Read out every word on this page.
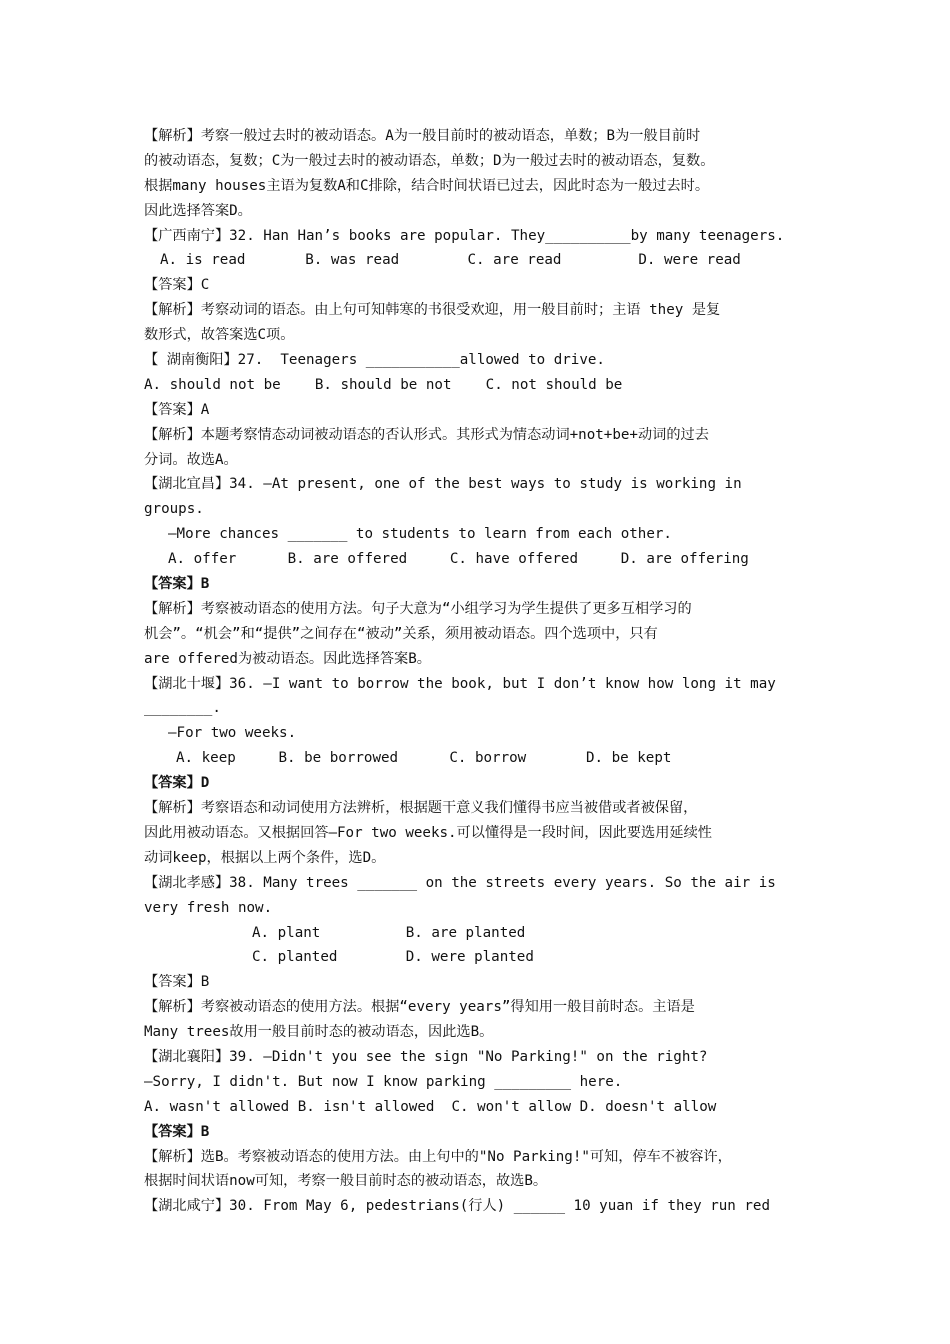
【解析】考察一般过去时的被动语态。A为一般目前时的被动语态，单数；B为一般目前时
的被动语态，复数；C为一般过去时的被动语态，单数；D为一般过去时的被动语态，复数。
根据many houses主语为复数A和C排除，结合时间状语已过去，因此时态为一般过去时。
因此选择答案D。
【广西南宁】32. Han Han’s books are popular. They__________by many teenagers.
A. is read       B. was read        C. are read         D. were read
【答案】C
【解析】考察动词的语态。由上句可知韩寒的书很受欢迎，用一般目前时；主语 they 是复
数形式，故答案选C项。
【 湖南衡阳】27.  Teenagers ___________allowed to drive.
A. should not be    B. should be not    C. not should be
【答案】A
【解析】本题考察情态动词被动语态的否认形式。其形式为情态动词+not+be+动词的过去
分词。故选A。
【湖北宜昌】34. —At present, one of the best ways to study is working in
groups.
—More chances _______ to students to learn from each other.
A. offer      B. are offered     C. have offered     D. are offering
【答案】B
【解析】考察被动语态的使用方法。句子大意为“小组学习为学生提供了更多互相学习的
机会”。“机会”和“提供”之间存在“被动”关系，须用被动语态。四个选项中，只有
are offered为被动语态。因此选择答案B。
【湖北十堰】36. —I want to borrow the book, but I don’t know how long it may
________.
—For two weeks.
A. keep     B. be borrowed      C. borrow       D. be kept
【答案】D
【解析】考察语态和动词使用方法辨析，根据题干意义我们懂得书应当被借或者被保留，
因此用被动语态。又根据回答—For two weeks.可以懂得是一段时间，因此要选用延续性
动词keep，根据以上两个条件，选D。
【湖北孝感】38. Many trees _______ on the streets every years. So the air is
very fresh now.
A. plant          B. are planted
C. planted        D. were planted
【答案】B
【解析】考察被动语态的使用方法。根据“every years”得知用一般目前时态。主语是
Many trees故用一般目前时态的被动语态，因此选B。
【湖北襄阳】39. —Didn't you see the sign "No Parking!" on the right?
—Sorry, I didn't. But now I know parking _________ here.
A. wasn't allowed B. isn't allowed  C. won't allow D. doesn't allow
【答案】B
【解析】选B。考察被动语态的使用方法。由上句中的"No Parking!"可知，停车不被容许，
根据时间状语now可知，考察一般目前时态的被动语态，故选B。
【湖北咸宁】30. From May 6, pedestrians(行人) ______ 10 yuan if they run red
